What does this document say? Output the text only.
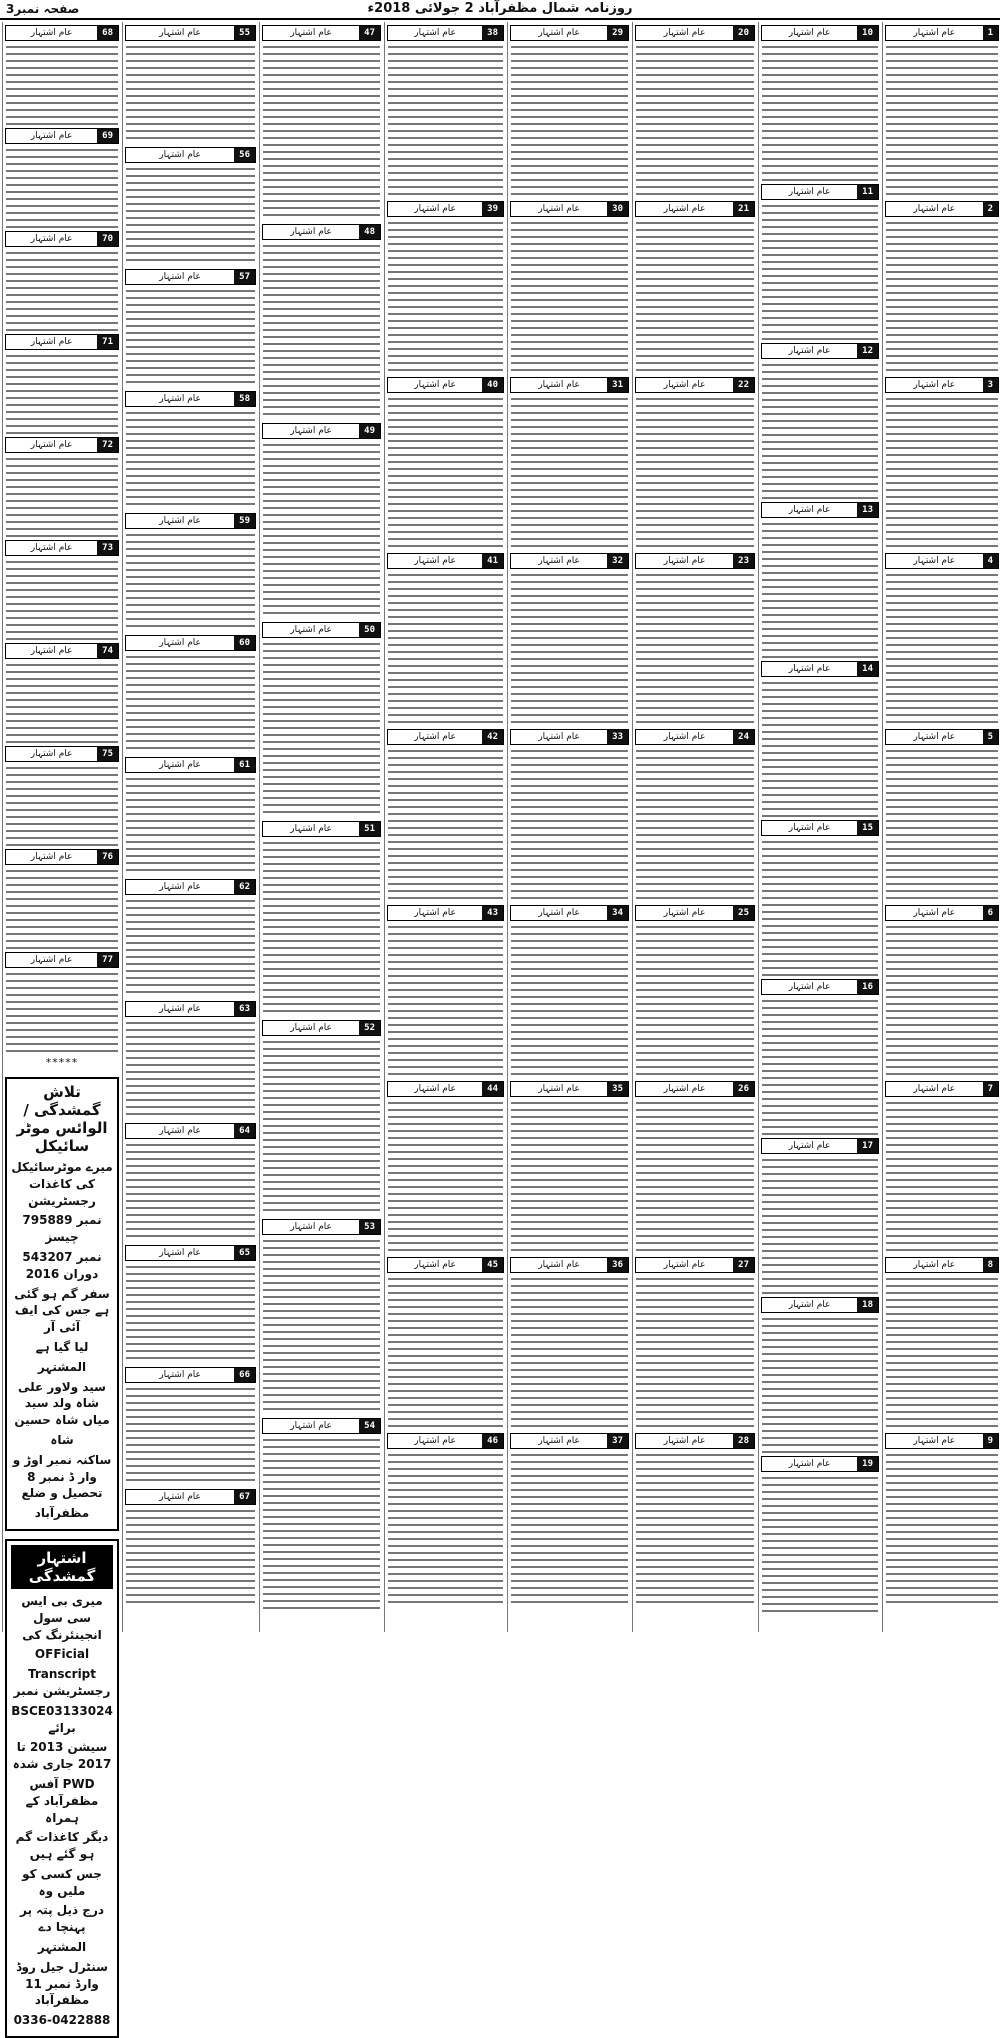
صفحہ نمبر3	روزنامہ شمال مظفرآباد 2 جولائی 2018ء
عام اشتہار	1
عام اشتہار	2
عام اشتہار	3
عام اشتہار	4
عام اشتہار	5
عام اشتہار	6
عام اشتہار	7
عام اشتہار	8
عام اشتہار	9
عام اشتہار	10
عام اشتہار	11
عام اشتہار	12
عام اشتہار	13
عام اشتہار	14
عام اشتہار	15
عام اشتہار	16
عام اشتہار	17
عام اشتہار	18
عام اشتہار	19
عام اشتہار	20
عام اشتہار	21
عام اشتہار	22
عام اشتہار	23
عام اشتہار	24
عام اشتہار	25
عام اشتہار	26
عام اشتہار	27
عام اشتہار	28
عام اشتہار	29
عام اشتہار	30
عام اشتہار	31
عام اشتہار	32
عام اشتہار	33
عام اشتہار	34
عام اشتہار	35
عام اشتہار	36
عام اشتہار	37
عام اشتہار	38
عام اشتہار	39
عام اشتہار	40
عام اشتہار	41
عام اشتہار	42
عام اشتہار	43
عام اشتہار	44
عام اشتہار	45
عام اشتہار	46
عام اشتہار	47
عام اشتہار	48
عام اشتہار	49
عام اشتہار	50
عام اشتہار	51
عام اشتہار	52
عام اشتہار	53
عام اشتہار	54
عام اشتہار	55
عام اشتہار	56
عام اشتہار	57
عام اشتہار	58
عام اشتہار	59
عام اشتہار	60
عام اشتہار	61
عام اشتہار	62
عام اشتہار	63
عام اشتہار	64
عام اشتہار	65
عام اشتہار	66
عام اشتہار	67
عام اشتہار	68
عام اشتہار	69
عام اشتہار	70
عام اشتہار	71
عام اشتہار	72
عام اشتہار	73
عام اشتہار	74
عام اشتہار	75
عام اشتہار	76
عام اشتہار	77
*****
تلاش گمشدگی / الوائس موٹر سائیکل
میرے موٹرسائیکل کی کاغذات رجسٹریشن
نمبر 795889 چیسز
نمبر 543207 دوران 2016
سفر گم ہو گئی ہے جس کی ایف آئی آر
لیا گیا ہے
المشتہر
سید ولاور علی شاہ ولد سید میاں شاہ حسین
شاہ
ساکنہ نمبر اوڑ و وار ڈ نمبر 8 تحصیل و ضلع
مظفرآباد
اشتہار گمشدگی
میری بی ایس سی سول انجینئرنگ کی
OFFicial
Transcript رجسٹریشن نمبر
BSCE03133024 برائے
سیشن 2013 تا 2017 جاری شدہ
PWD آفس مظفرآباد کے ہمراہ
دیگر کاغذات گم ہو گئے ہیں
جس کسی کو ملیں وہ
درج ذیل پتہ پر پہنچا دے
المشتہر
سنٹرل جیل روڈ وارڈ نمبر 11 مظفرآباد
0336-0422888
